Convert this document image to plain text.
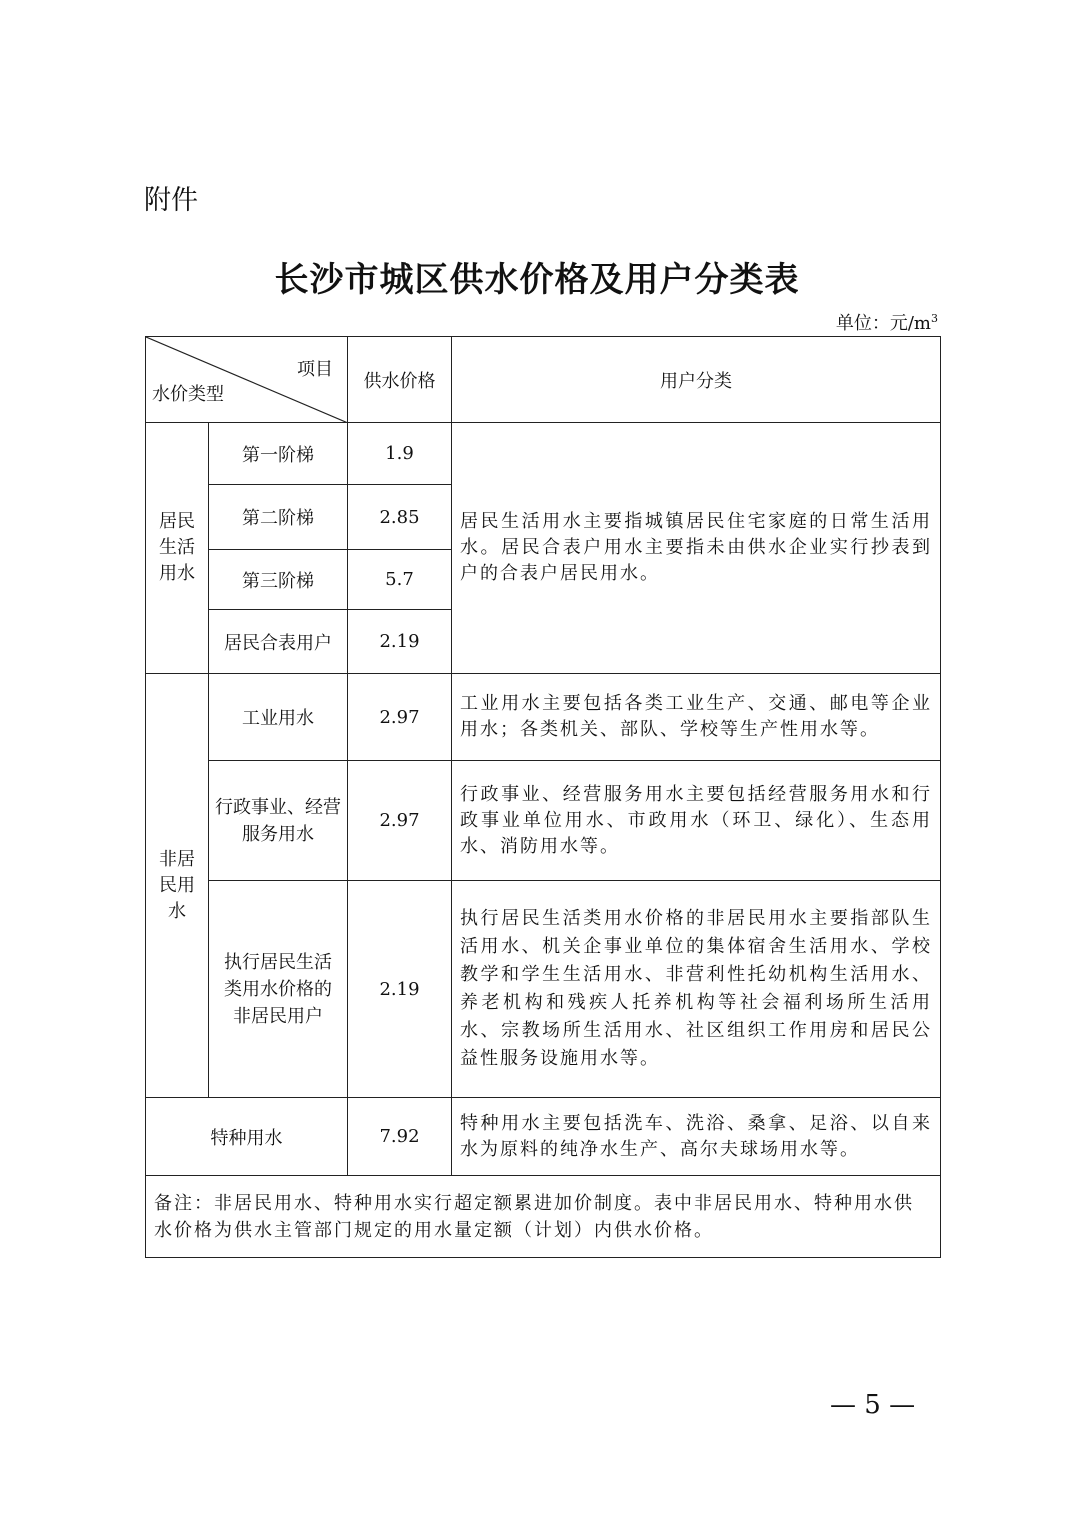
附件
长沙市城区供水价格及用户分类表
单位：元$/m^3$
项目
水价类型		供水价格	用户分类
居民生活用水	第一阶梯	1.9	居民生活用水主要指城镇居民住宅家庭的日常生活用水。居民合表户用水主要指未由供水企业实行抄表到户的合表户居民用水。
	第二阶梯	2.85	
	第三阶梯	5.7	
	居民合表用户	2.19	
非居民用水	工业用水	2.97	工业用水主要包括各类工业生产、交通、邮电等企业用水；各类机关、部队、学校等生产性用水等。
	行政事业、经营服务用水	2.97	行政事业、经营服务用水主要包括经营服务用水和行政事业单位用水、市政用水（环卫、绿化）、生态用水、消防用水等。
	执行居民生活类用水价格的非居民用户	2.19	执行居民生活类用水价格的非居民用水主要指部队生活用水、机关企事业单位的集体宿舍生活用水、学校教学和学生生活用水、非营利性托幼机构生活用水、养老机构和残疾人托养机构等社会福利场所生活用水、宗教场所生活用水、社区组织工作用房和居民公益性服务设施用水等。
特种用水		7.92	特种用水主要包括洗车、洗浴、桑拿、足浴、以自来水为原料的纯净水生产、高尔夫球场用水等。
备注：非居民用水、特种用水实行超定额累进加价制度。表中非居民用水、特种用水供水价格为供水主管部门规定的用水量定额（计划）内供水价格。			
— 5 —
